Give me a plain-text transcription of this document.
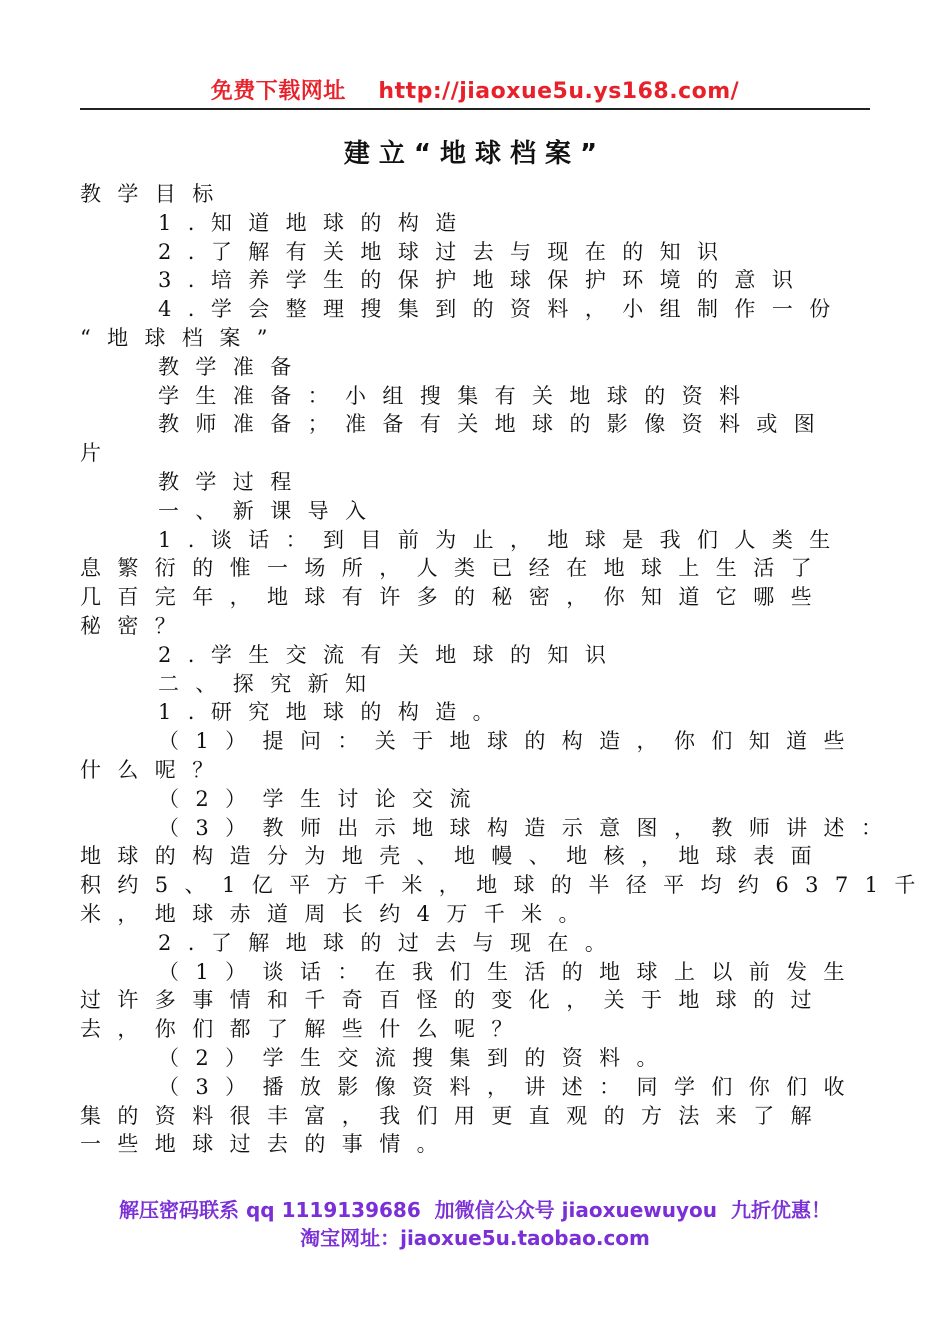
免费下载网址    http://jiaoxue5u.ys168.com/
建立“地球档案”
教学目标
1.知道地球的构造
2.了解有关地球过去与现在的知识
3.培养学生的保护地球保护环境的意识
4.学会整理搜集到的资料，小组制作一份
“地球档案”
教学准备
学生准备：小组搜集有关地球的资料
教师准备；准备有关地球的影像资料或图
片
教学过程
一、新课导入
1.谈话：到目前为止，地球是我们人类生
息繁衍的惟一场所，人类已经在地球上生活了
几百完年，地球有许多的秘密，你知道它哪些
秘密？
2.学生交流有关地球的知识
二、探究新知
1.研究地球的构造。
（1）提问：关于地球的构造，你们知道些
什么呢？
（2）学生讨论交流
（3）教师出示地球构造示意图，教师讲述：
地球的构造分为地壳、地幔、地核，地球表面
积约5、1亿平方千米，地球的半径平均约6371千
米，地球赤道周长约4万千米。
2.了解地球的过去与现在。
（1）谈话：在我们生活的地球上以前发生
过许多事情和千奇百怪的变化，关于地球的过
去，你们都了解些什么呢？
（2）学生交流搜集到的资料。
（3）播放影像资料，讲述：同学们你们收
集的资料很丰富，我们用更直观的方法来了解
一些地球过去的事情。
解压密码联系 qq 1119139686  加微信公众号 jiaoxuewuyou  九折优惠！
淘宝网址：jiaoxue5u.taobao.com
